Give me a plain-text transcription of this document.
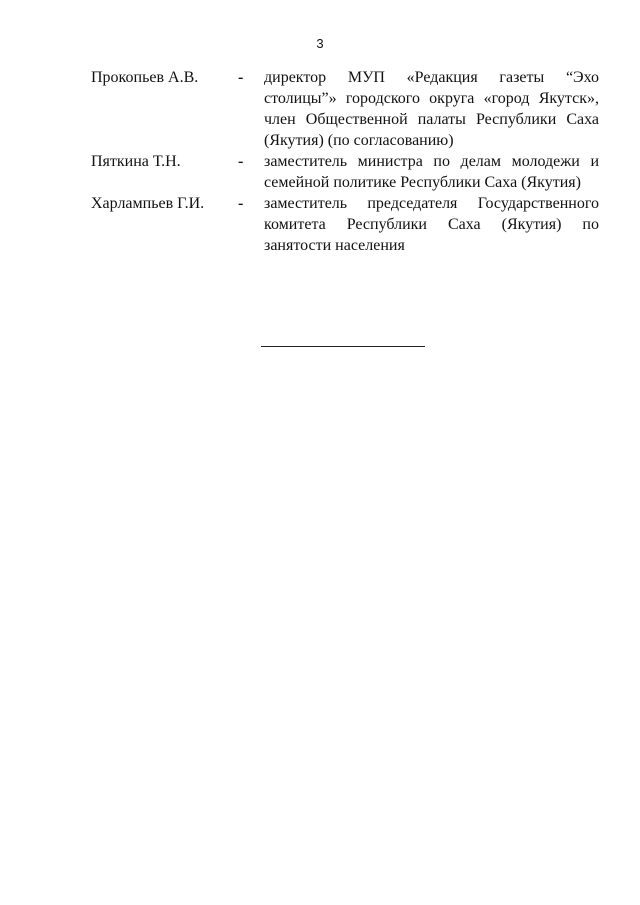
3
Прокопьев А.В.	-	директор МУП «Редакция газеты “Эхо столицы”» городского округа «город Якутск», член Общественной палаты Республики Саха (Якутия) (по согласованию)
Пяткина Т.Н.	-	заместитель министра по делам молодежи и семейной политике Республики Саха (Якутия)
Харлампьев Г.И.	-	заместитель председателя Государственного комитета Республики Саха (Якутия) по занятости населения
